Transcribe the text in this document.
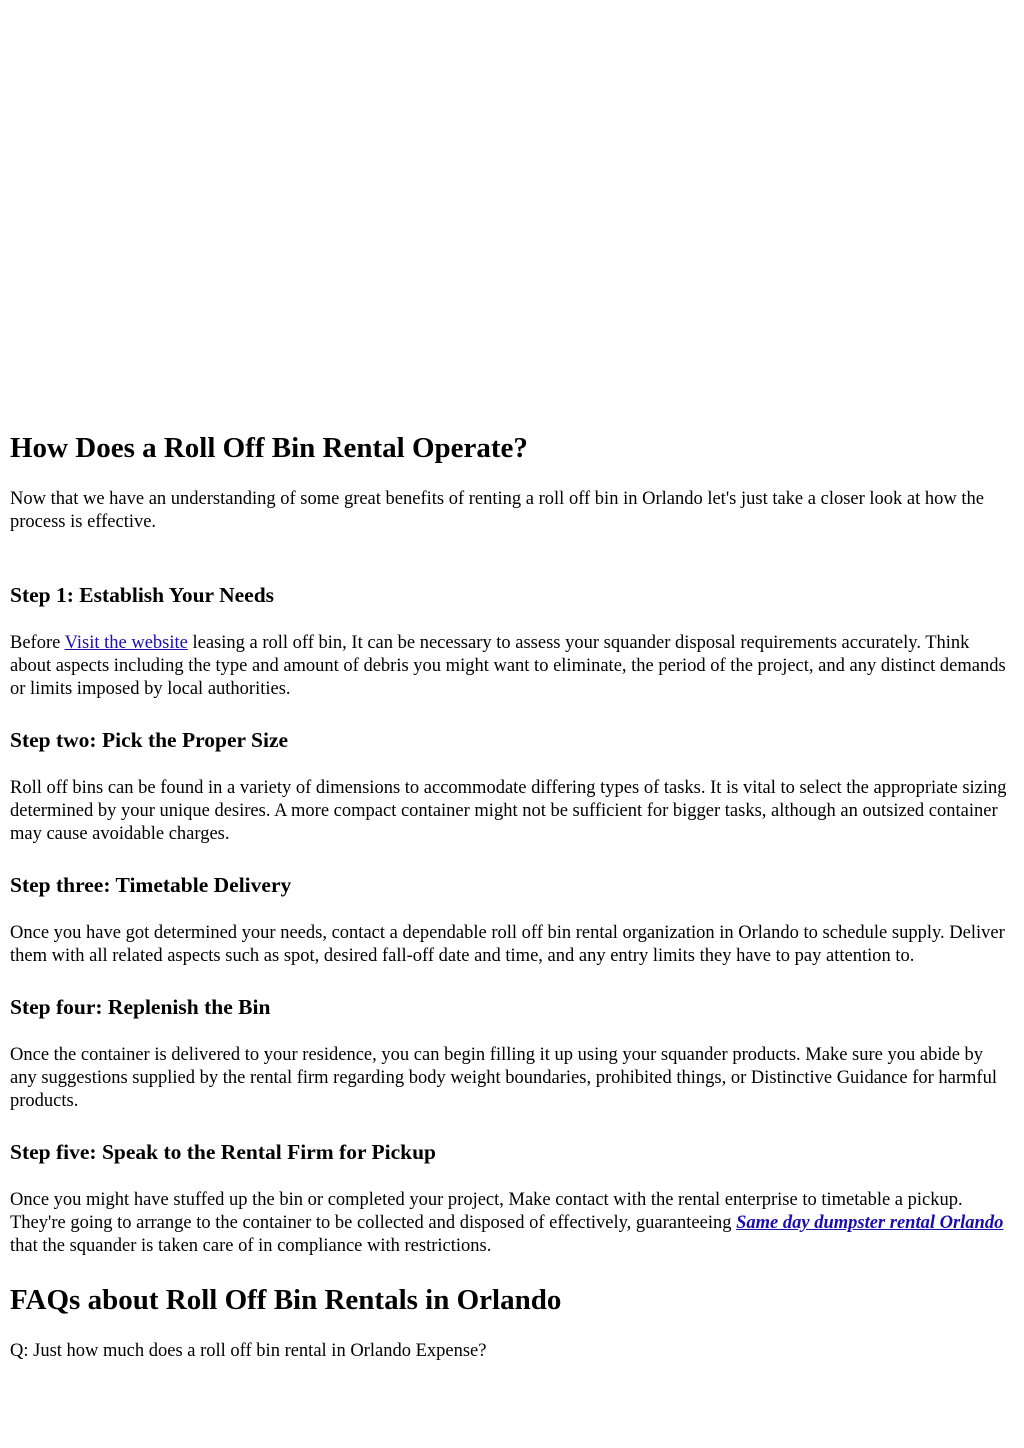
How Does a Roll Off Bin Rental Operate?

Now that we have an understanding of some great benefits of renting a roll off bin in Orlando let's just take a closer look at how the process is effective.

Step 1: Establish Your Needs

Before Visit the website leasing a roll off bin, It can be necessary to assess your squander disposal requirements accurately. Think about aspects including the type and amount of debris you might want to eliminate, the period of the project, and any distinct demands or limits imposed by local authorities.

Step two: Pick the Proper Size

Roll off bins can be found in a variety of dimensions to accommodate differing types of tasks. It is vital to select the appropriate sizing determined by your unique desires. A more compact container might not be sufficient for bigger tasks, although an outsized container may cause avoidable charges.

Step three: Timetable Delivery

Once you have got determined your needs, contact a dependable roll off bin rental organization in Orlando to schedule supply. Deliver them with all related aspects such as spot, desired fall-off date and time, and any entry limits they have to pay attention to.

Step four: Replenish the Bin

Once the container is delivered to your residence, you can begin filling it up using your squander products. Make sure you abide by any suggestions supplied by the rental firm regarding body weight boundaries, prohibited things, or Distinctive Guidance for harmful products.

Step five: Speak to the Rental Firm for Pickup

Once you might have stuffed up the bin or completed your project, Make contact with the rental enterprise to timetable a pickup. They're going to arrange to the container to be collected and disposed of effectively, guaranteeing Same day dumpster rental Orlando that the squander is taken care of in compliance with restrictions.

FAQs about Roll Off Bin Rentals in Orlando

Q: Just how much does a roll off bin rental in Orlando Expense?
